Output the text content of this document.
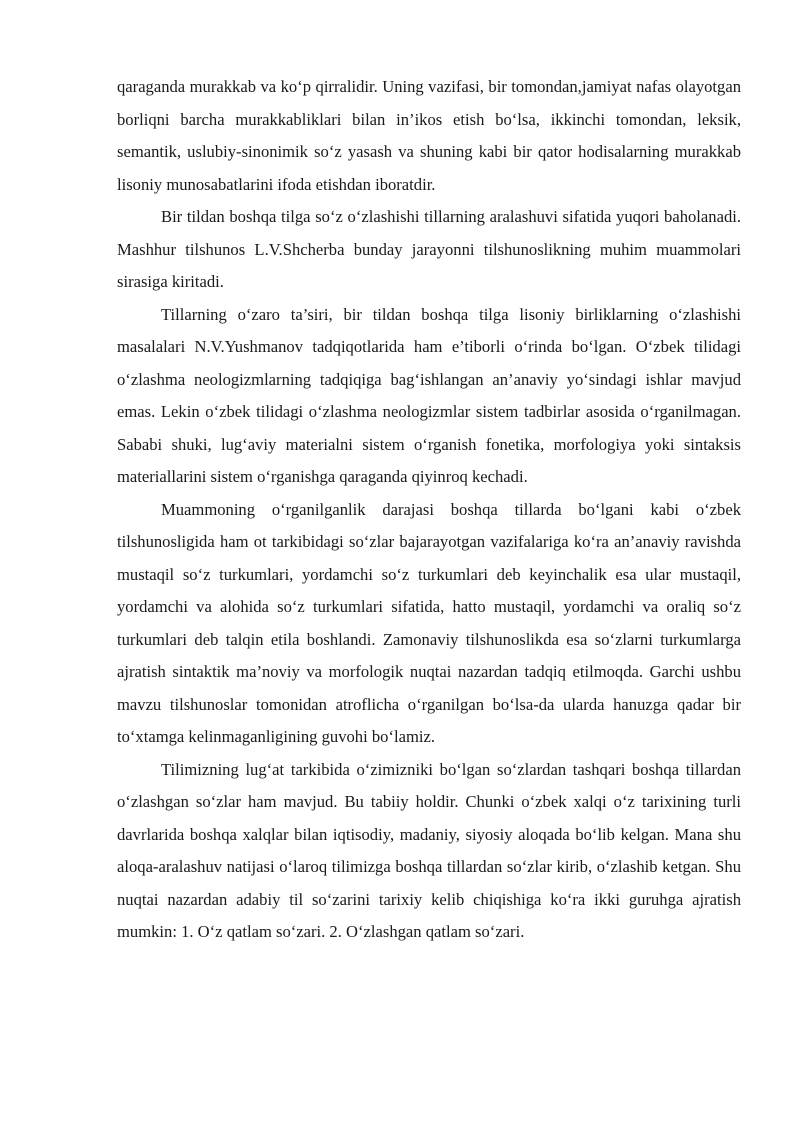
qaraganda murakkab va ko‘p qirralidir. Uning vazifasi, bir tomondan,jamiyat nafas olayotgan borliqni barcha murakkabliklari bilan in’ikos etish bo‘lsa, ikkinchi tomondan, leksik, semantik, uslubiy-sinonimik so‘z yasash va shuning kabi bir qator hodisalarning murakkab lisoniy munosabatlarini ifoda etishdan iboratdir.

Bir tildan boshqa tilga so‘z o‘zlashishi tillarning aralashuvi sifatida yuqori baholanadi. Mashhur tilshunos L.V.Shcherba bunday jarayonni tilshunoslikning muhim muammolari sirasiga kiritadi.

Tillarning o‘zaro ta’siri, bir tildan boshqa tilga lisoniy birliklarning o‘zlashishi masalalari N.V.Yushmanov tadqiqotlarida ham e’tiborli o‘rinda bo‘lgan. O‘zbek tilidagi o‘zlashma neologizmlarning tadqiqiga bag‘ishlangan an’anaviy yo‘sindagi ishlar mavjud emas. Lekin o‘zbek tilidagi o‘zlashma neologizmlar sistem tadbirlar asosida o‘rganilmagan. Sababi shuki, lug‘aviy materialni sistem o‘rganish fonetika, morfologiya yoki sintaksis materiallarini sistem o‘rganishga qaraganda qiyinroq kechadi.

Muammoning o‘rganilganlik darajasi boshqa tillarda bo‘lgani kabi o‘zbek tilshunosligida ham ot tarkibidagi so‘zlar bajarayotgan vazifalariga ko‘ra an’anaviy ravishda mustaqil so‘z turkumlari, yordamchi so‘z turkumlari deb keyinchalik esa ular mustaqil, yordamchi va alohida so‘z turkumlari sifatida, hatto mustaqil, yordamchi va oraliq so‘z turkumlari deb talqin etila boshlandi. Zamonaviy tilshunoslikda esa so‘zlarni turkumlarga ajratish sintaktik ma’noviy va morfologik nuqtai nazardan tadqiq etilmoqda. Garchi ushbu mavzu tilshunoslar tomonidan atroflicha o‘rganilgan bo‘lsa-da ularda hanuzga qadar bir to‘xtamga kelinmaganligining guvohi bo‘lamiz.

Tilimizning lug‘at tarkibida o‘zimizniki bo‘lgan so‘zlardan tashqari boshqa tillardan o‘zlashgan so‘zlar ham mavjud. Bu tabiiy holdir. Chunki o‘zbek xalqi o‘z tarixining turli davrlarida boshqa xalqlar bilan iqtisodiy, madaniy, siyosiy aloqada bo‘lib kelgan. Mana shu aloqa-aralashuv natijasi o‘laroq tilimizga boshqa tillardan so‘zlar kirib, o‘zlashib ketgan. Shu nuqtai nazardan adabiy til so‘zarini tarixiy kelib chiqishiga ko‘ra ikki guruhga ajratish mumkin: 1. O‘z qatlam so‘zari. 2. O‘zlashgan qatlam so‘zari.
